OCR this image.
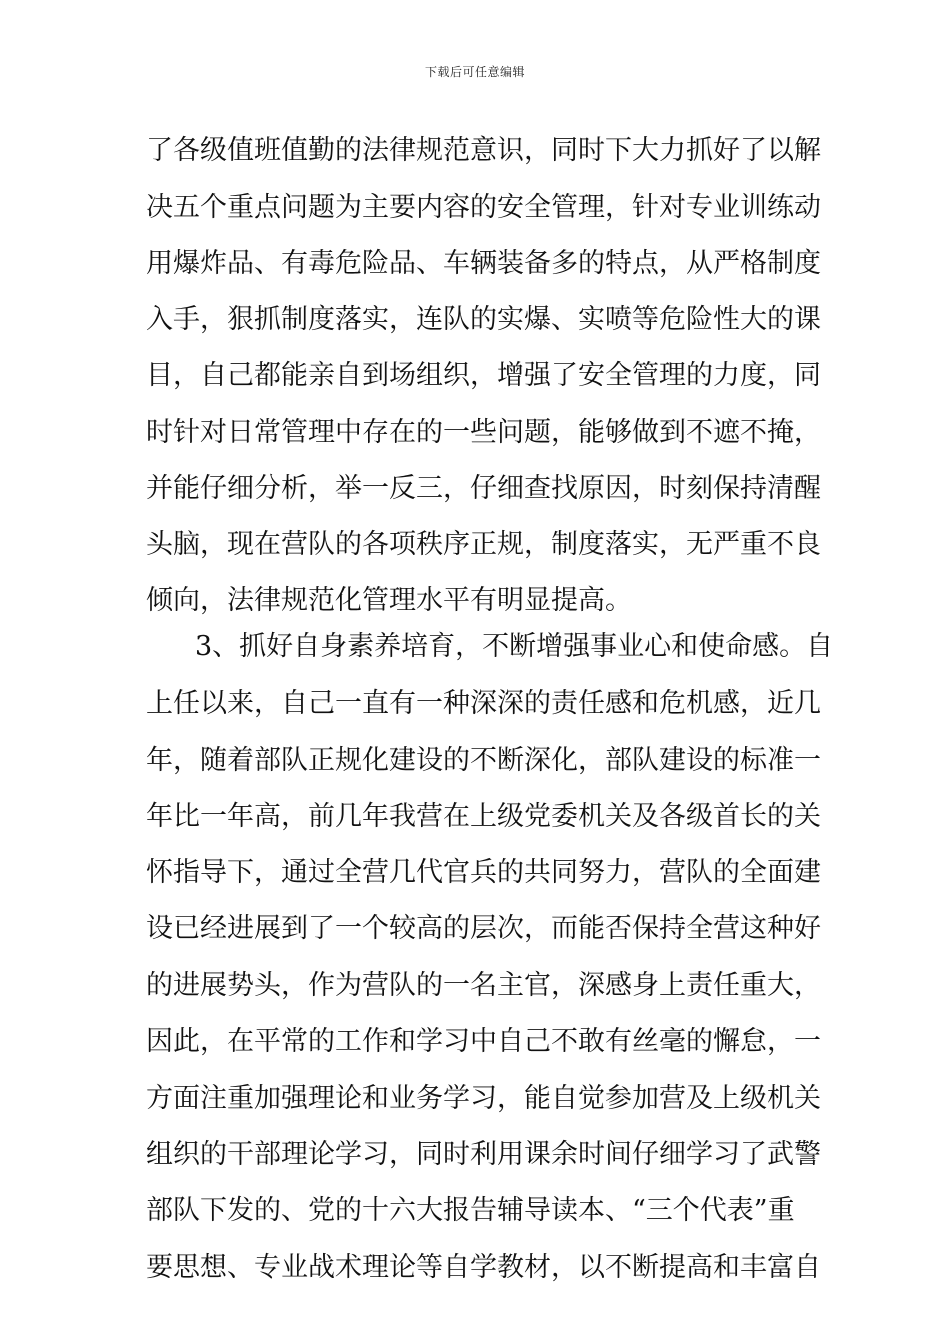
下载后可任意编辑
了各级值班值勤的法律规范意识，同时下大力抓好了以解
决五个重点问题为主要内容的安全管理，针对专业训练动
用爆炸品、有毒危险品、车辆装备多的特点，从严格制度
入手，狠抓制度落实，连队的实爆、实喷等危险性大的课
目，自己都能亲自到场组织，增强了安全管理的力度，同
时针对日常管理中存在的一些问题，能够做到不遮不掩，
并能仔细分析，举一反三，仔细查找原因，时刻保持清醒
头脑，现在营队的各项秩序正规，制度落实，无严重不良
倾向，法律规范化管理水平有明显提高。
3、抓好自身素养培育，不断增强事业心和使命感。自
上任以来，自己一直有一种深深的责任感和危机感，近几
年，随着部队正规化建设的不断深化，部队建设的标准一
年比一年高，前几年我营在上级党委机关及各级首长的关
怀指导下，通过全营几代官兵的共同努力，营队的全面建
设已经进展到了一个较高的层次，而能否保持全营这种好
的进展势头，作为营队的一名主官，深感身上责任重大，
因此，在平常的工作和学习中自己不敢有丝毫的懈怠，一
方面注重加强理论和业务学习，能自觉参加营及上级机关
组织的干部理论学习，同时利用课余时间仔细学习了武警
部队下发的、党的十六大报告辅导读本、“三个代表”重
要思想、专业战术理论等自学教材，以不断提高和丰富自
